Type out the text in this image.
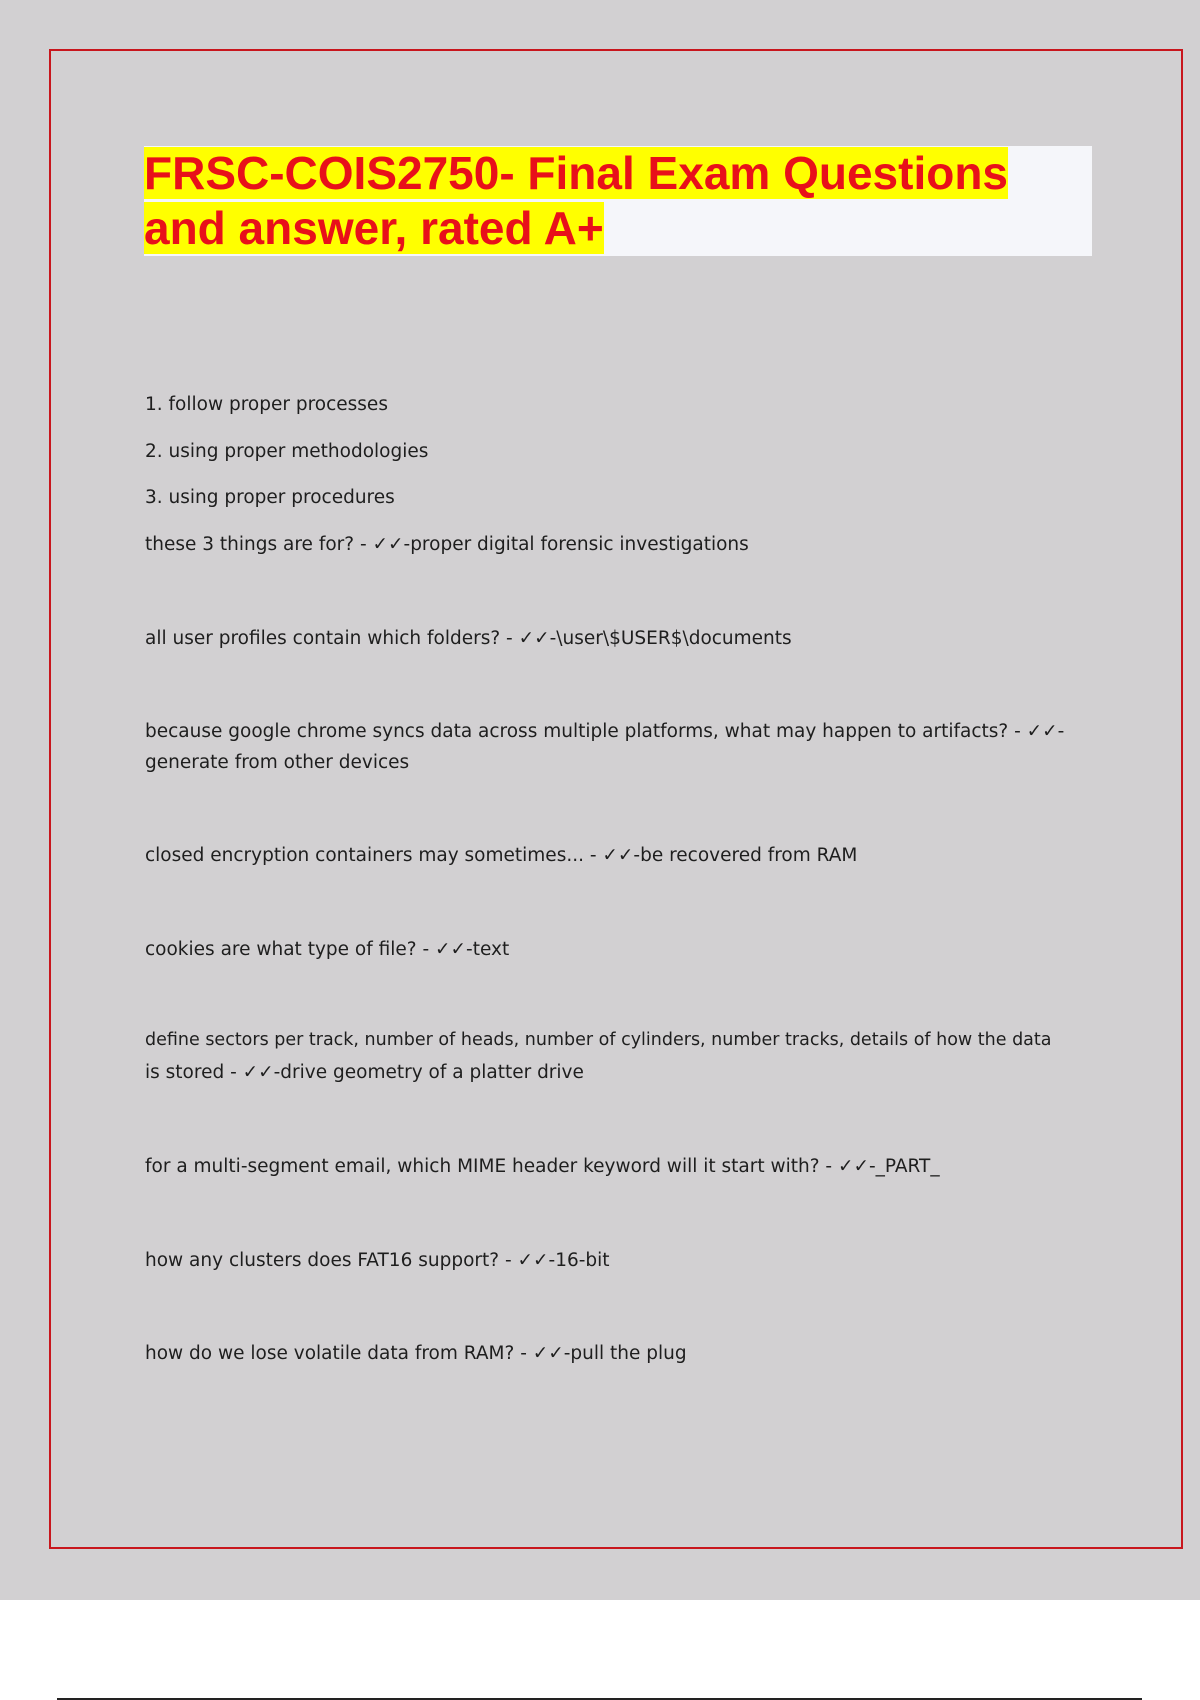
FRSC-COIS2750- Final Exam Questions
and answer, rated A+

1. follow proper processes

2. using proper methodologies

3. using proper procedures

these 3 things are for? - ✓✓-proper digital forensic investigations

all user profiles contain which folders? - ✓✓-\user\$USER$\documents

because google chrome syncs data across multiple platforms, what may happen to artifacts? - ✓✓-

generate from other devices

closed encryption containers may sometimes... - ✓✓-be recovered from RAM

cookies are what type of file? - ✓✓-text

define sectors per track, number of heads, number of cylinders, number tracks, details of how the data

is stored - ✓✓-drive geometry of a platter drive

for a multi-segment email, which MIME header keyword will it start with? - ✓✓-_PART_

how any clusters does FAT16 support? - ✓✓-16-bit

how do we lose volatile data from RAM? - ✓✓-pull the plug
